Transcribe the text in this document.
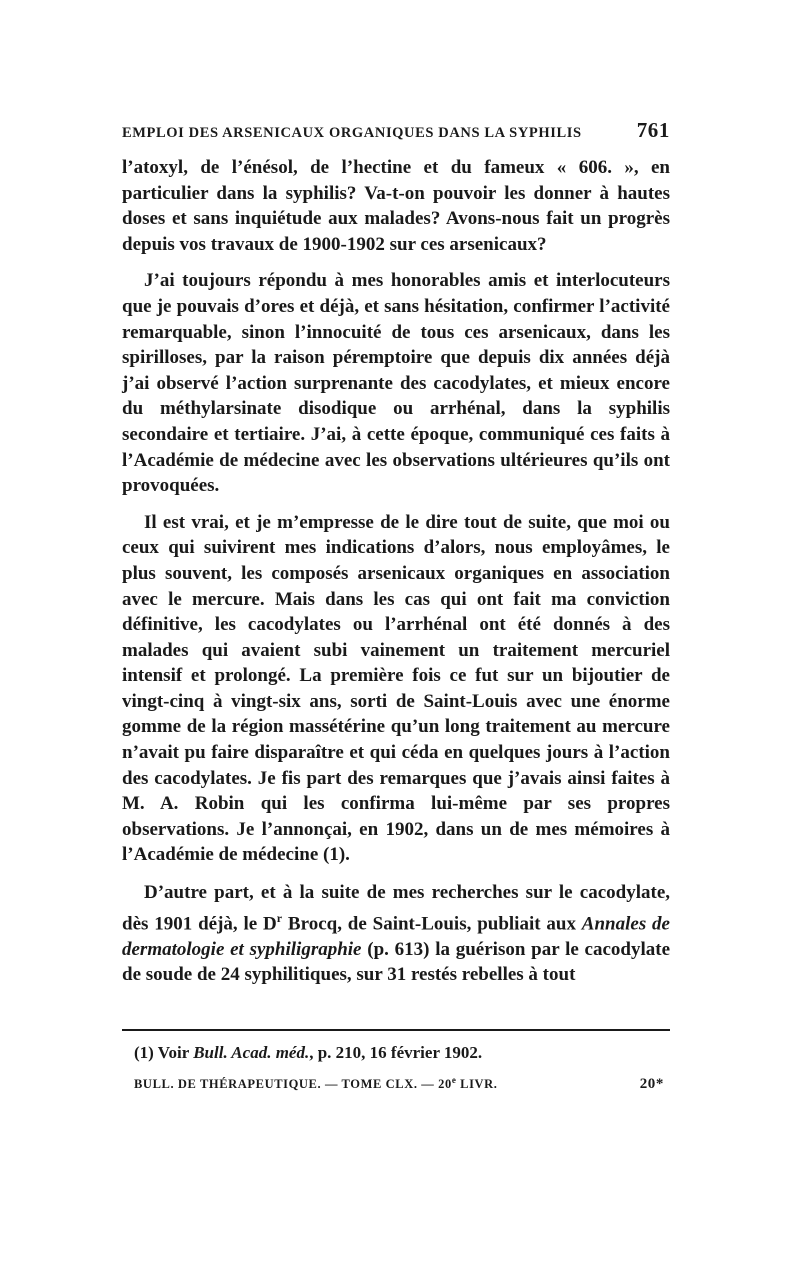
EMPLOI DES ARSENICAUX ORGANIQUES DANS LA SYPHILIS	761

l’atoxyl, de l’énésol, de l’hectine et du fameux « 606. », en particulier dans la syphilis? Va-t-on pouvoir les donner à hautes doses et sans inquiétude aux malades? Avons-nous fait un progrès depuis vos travaux de 1900-1902 sur ces arsenicaux?

J’ai toujours répondu à mes honorables amis et interlocuteurs que je pouvais d’ores et déjà, et sans hésitation, confirmer l’activité remarquable, sinon l’innocuité de tous ces arsenicaux, dans les spirilloses, par la raison péremptoire que depuis dix années déjà j’ai observé l’action surprenante des cacodylates, et mieux encore du méthylarsinate disodique ou arrhénal, dans la syphilis secondaire et tertiaire. J’ai, à cette époque, communiqué ces faits à l’Académie de médecine avec les observations ultérieures qu’ils ont provoquées.

Il est vrai, et je m’empresse de le dire tout de suite, que moi ou ceux qui suivirent mes indications d’alors, nous employâmes, le plus souvent, les composés arsenicaux organiques en association avec le mercure. Mais dans les cas qui ont fait ma conviction définitive, les cacodylates ou l’arrhénal ont été donnés à des malades qui avaient subi vainement un traitement mercuriel intensif et prolongé. La première fois ce fut sur un bijoutier de vingt-cinq à vingt-six ans, sorti de Saint-Louis avec une énorme gomme de la région massétérine qu’un long traitement au mercure n’avait pu faire disparaître et qui céda en quelques jours à l’action des cacodylates. Je fis part des remarques que j’avais ainsi faites à M. A. Robin qui les confirma lui-même par ses propres observations. Je l’annonçai, en 1902, dans un de mes mémoires à l’Académie de médecine (1).

D’autre part, et à la suite de mes recherches sur le cacodylate, dès 1901 déjà, le $D^r$ Brocq, de Saint-Louis, publiait aux Annales de dermatologie et syphiligraphie (p. 613) la guérison par le cacodylate de soude de 24 syphilitiques, sur 31 restés rebelles à tout

(1) Voir Bull. Acad. méd., p. 210, 16 février 1902.
BULL. DE THÉRAPEUTIQUE. — TOME CLX. — 20e LIVR.	20*
